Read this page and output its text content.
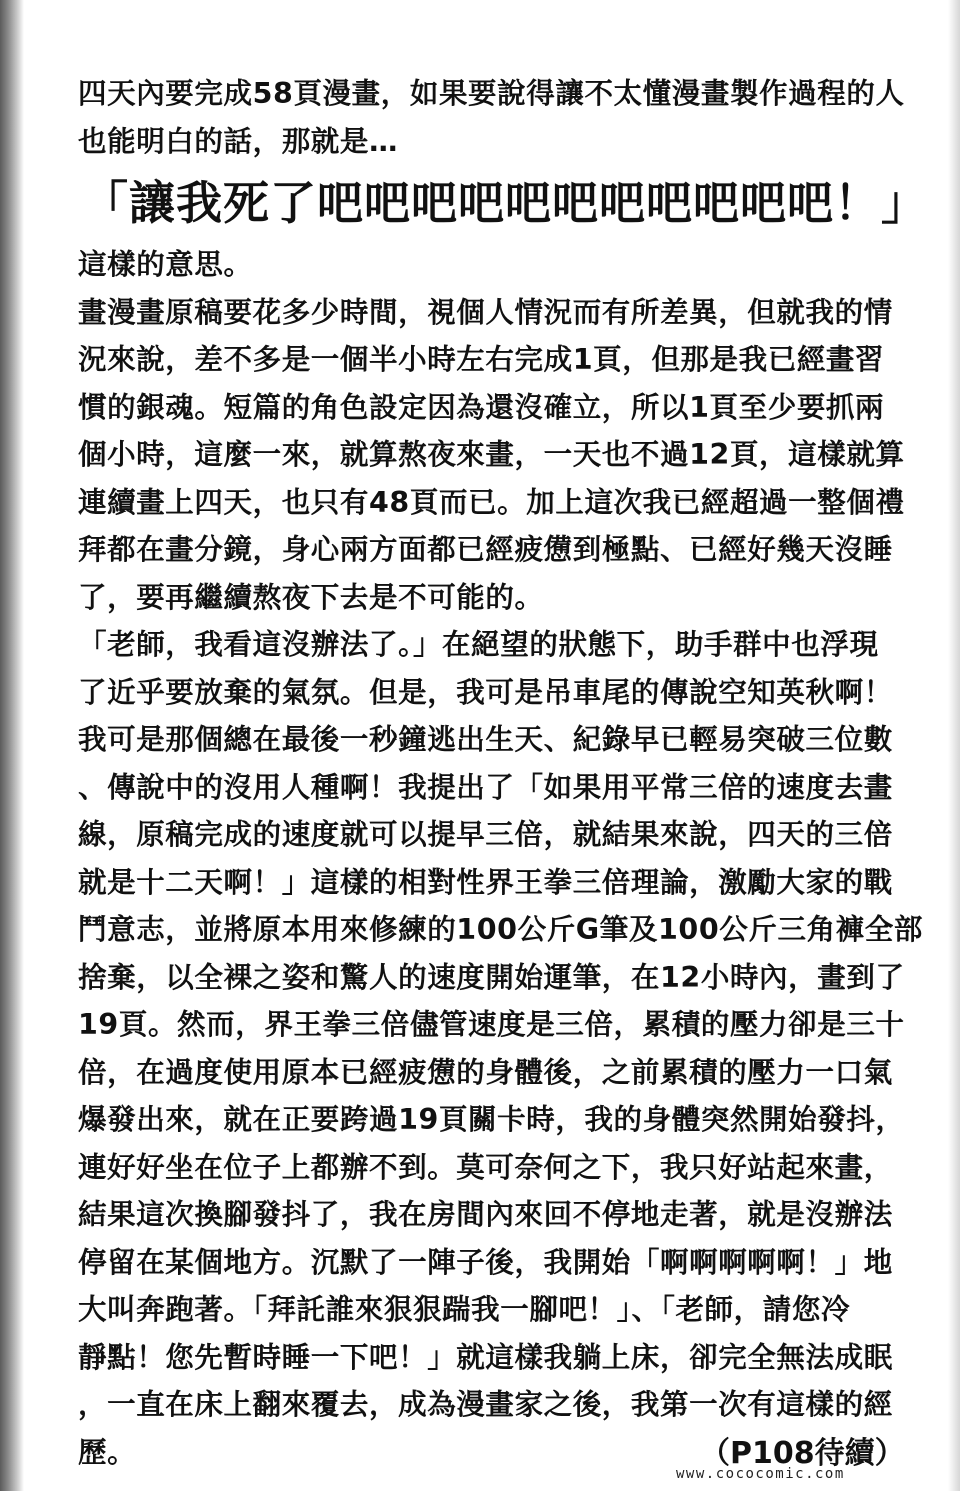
四天內要完成58頁漫畫，如果要說得讓不太懂漫畫製作過程的人
也能明白的話，那就是…
「讓我死了吧吧吧吧吧吧吧吧吧吧吧！」
這樣的意思。
畫漫畫原稿要花多少時間，視個人情況而有所差異，但就我的情
況來說，差不多是一個半小時左右完成1頁，但那是我已經畫習
慣的銀魂。短篇的角色設定因為還沒確立，所以1頁至少要抓兩
個小時，這麼一來，就算熬夜來畫，一天也不過12頁，這樣就算
連續畫上四天，也只有48頁而已。加上這次我已經超過一整個禮
拜都在畫分鏡，身心兩方面都已經疲憊到極點、已經好幾天沒睡
了，要再繼續熬夜下去是不可能的。
「老師，我看這沒辦法了。」在絕望的狀態下，助手群中也浮現
了近乎要放棄的氣氛。但是，我可是吊車尾的傳說空知英秋啊！
我可是那個總在最後一秒鐘逃出生天、紀錄早已輕易突破三位數
、傳說中的沒用人種啊！我提出了「如果用平常三倍的速度去畫
線，原稿完成的速度就可以提早三倍，就結果來說，四天的三倍
就是十二天啊！」這樣的相對性界王拳三倍理論，激勵大家的戰
鬥意志，並將原本用來修練的100公斤G筆及100公斤三角褲全部
捨棄，以全裸之姿和驚人的速度開始運筆，在12小時內，畫到了
19頁。然而，界王拳三倍儘管速度是三倍，累積的壓力卻是三十
倍，在過度使用原本已經疲憊的身體後，之前累積的壓力一口氣
爆發出來，就在正要跨過19頁關卡時，我的身體突然開始發抖，
連好好坐在位子上都辦不到。莫可奈何之下，我只好站起來畫，
結果這次換腳發抖了，我在房間內來回不停地走著，就是沒辦法
停留在某個地方。沉默了一陣子後，我開始「啊啊啊啊啊！」地
大叫奔跑著。「拜託誰來狠狠踹我一腳吧！」、「老師，請您冷
靜點！您先暫時睡一下吧！」就這樣我躺上床，卻完全無法成眠
，一直在床上翻來覆去，成為漫畫家之後，我第一次有這樣的經
歷。	（P108待續）
www.cococomic.com
